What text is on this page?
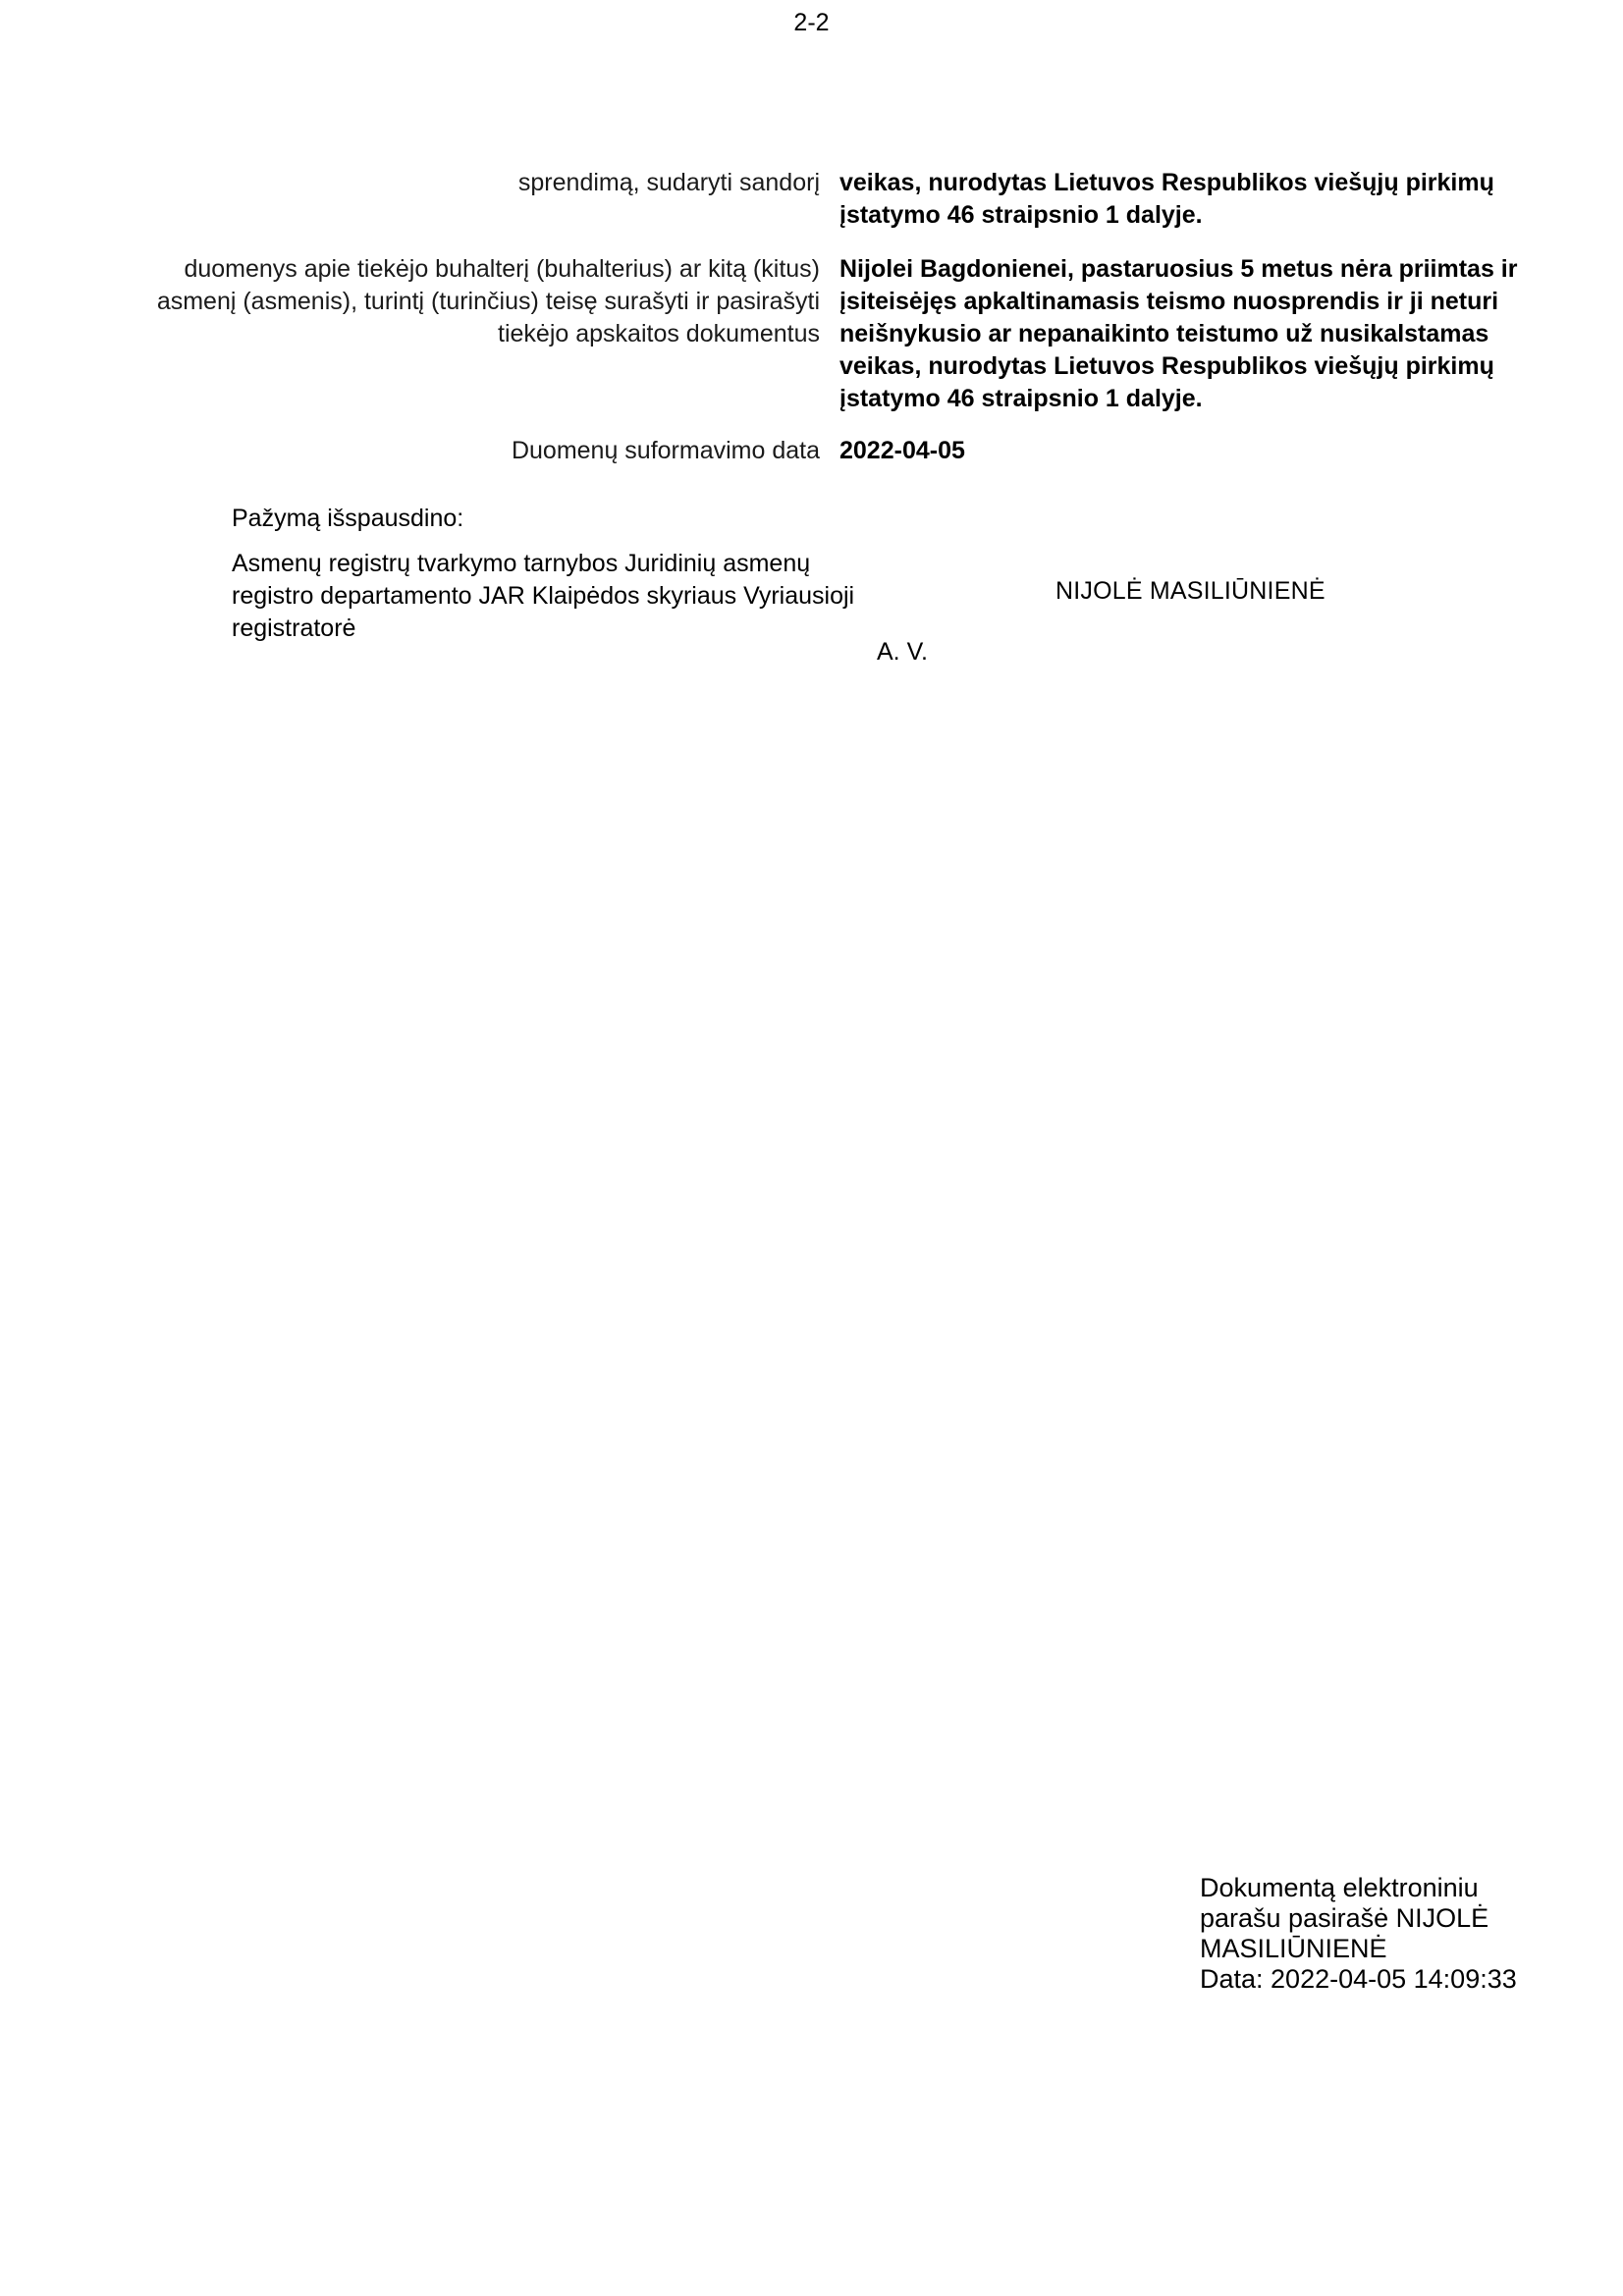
2-2
sprendimą, sudaryti sandorį veikas, nurodytas Lietuvos Respublikos viešųjų pirkimų įstatymo 46 straipsnio 1 dalyje.
duomenys apie tiekėjo buhalterį (buhalterius) ar kitą (kitus) asmenį (asmenis), turintį (turinčius) teisę surašyti ir pasirašyti tiekėjo apskaitos dokumentus
Nijolei Bagdonienei, pastaruosius 5 metus nėra priimtas ir įsiteisėjęs apkaltinamasis teismo nuosprendis ir ji neturi neišnykusio ar nepanaikinto teistumo už nusikalstamas veikas, nurodytas Lietuvos Respublikos viešųjų pirkimų įstatymo 46 straipsnio 1 dalyje.
Duomenų suformavimo data 2022-04-05
Pažymą išspausdino:
Asmenų registrų tvarkymo tarnybos Juridinių asmenų registro departamento JAR Klaipėdos skyriaus Vyriausioji registratorė
NIJOLĖ MASILIŪNIENĖ
A. V.
Dokumentą elektroniniu
parašu pasirašė NIJOLĖ
MASILIŪNIENĖ
Data: 2022-04-05 14:09:33
